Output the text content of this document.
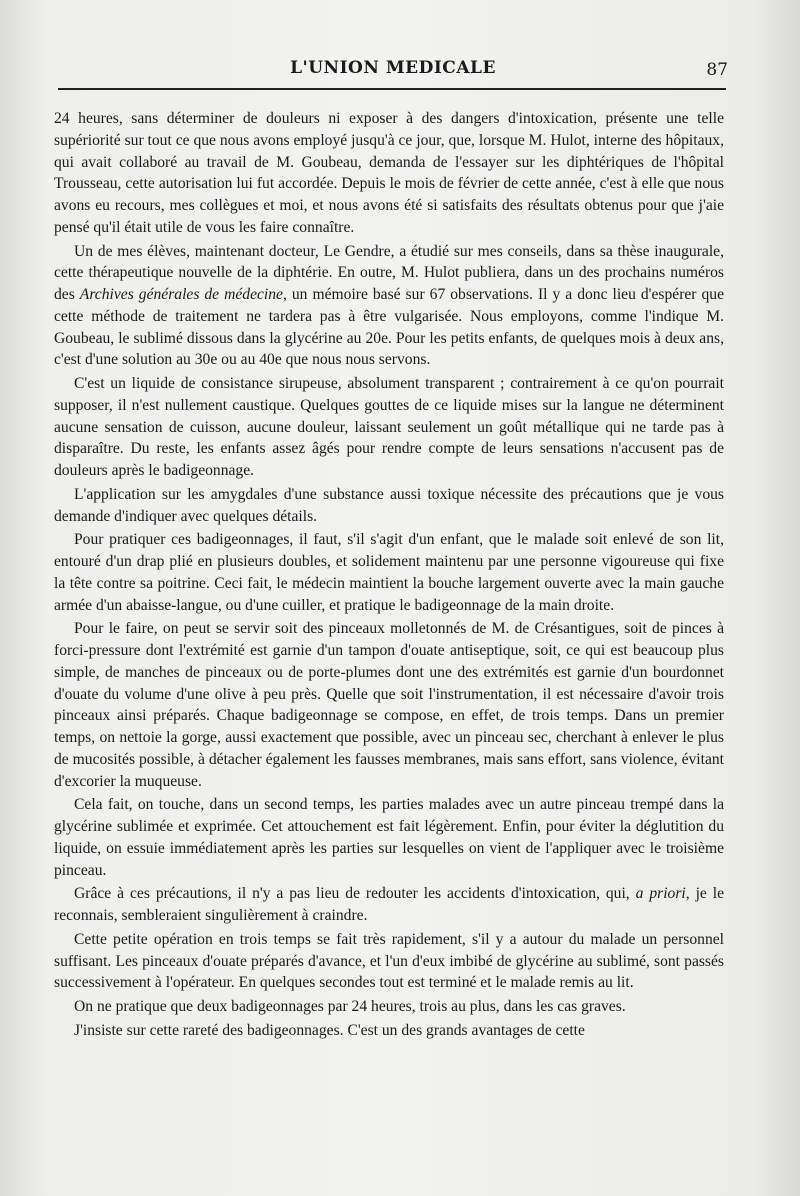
L'UNION MEDICALE	87

24 heures, sans déterminer de douleurs ni exposer à des dangers d'intoxication, présente une telle supériorité sur tout ce que nous avons employé jusqu'à ce jour, que, lorsque M. Hulot, interne des hôpitaux, qui avait collaboré au travail de M. Goubeau, demanda de l'essayer sur les diphtériques de l'hôpital Trousseau, cette autorisation lui fut accordée. Depuis le mois de février de cette année, c'est à elle que nous avons eu recours, mes collègues et moi, et nous avons été si satisfaits des résultats obtenus pour que j'aie pensé qu'il était utile de vous les faire connaître.

Un de mes élèves, maintenant docteur, Le Gendre, a étudié sur mes conseils, dans sa thèse inaugurale, cette thérapeutique nouvelle de la diphtérie. En outre, M. Hulot publiera, dans un des prochains numéros des Archives générales de médecine, un mémoire basé sur 67 observations. Il y a donc lieu d'espérer que cette méthode de traitement ne tardera pas à être vulgarisée. Nous employons, comme l'indique M. Goubeau, le sublimé dissous dans la glycérine au 20e. Pour les petits enfants, de quelques mois à deux ans, c'est d'une solution au 30e ou au 40e que nous nous servons.

C'est un liquide de consistance sirupeuse, absolument transparent ; contrairement à ce qu'on pourrait supposer, il n'est nullement caustique. Quelques gouttes de ce liquide mises sur la langue ne déterminent aucune sensation de cuisson, aucune douleur, laissant seulement un goût métallique qui ne tarde pas à disparaître. Du reste, les enfants assez âgés pour rendre compte de leurs sensations n'accusent pas de douleurs après le badigeonnage.

L'application sur les amygdales d'une substance aussi toxique nécessite des précautions que je vous demande d'indiquer avec quelques détails.

Pour pratiquer ces badigeonnages, il faut, s'il s'agit d'un enfant, que le malade soit enlevé de son lit, entouré d'un drap plié en plusieurs doubles, et solidement maintenu par une personne vigoureuse qui fixe la tête contre sa poitrine. Ceci fait, le médecin maintient la bouche largement ouverte avec la main gauche armée d'un abaisse-langue, ou d'une cuiller, et pratique le badigeonnage de la main droite.

Pour le faire, on peut se servir soit des pinceaux molletonnés de M. de Crésantigues, soit de pinces à forci-pressure dont l'extrémité est garnie d'un tampon d'ouate antiseptique, soit, ce qui est beaucoup plus simple, de manches de pinceaux ou de porte-plumes dont une des extrémités est garnie d'un bourdonnet d'ouate du volume d'une olive à peu près. Quelle que soit l'instrumentation, il est nécessaire d'avoir trois pinceaux ainsi préparés. Chaque badigeonnage se compose, en effet, de trois temps. Dans un premier temps, on nettoie la gorge, aussi exactement que possible, avec un pinceau sec, cherchant à enlever le plus de mucosités possible, à détacher également les fausses membranes, mais sans effort, sans violence, évitant d'excorier la muqueuse.

Cela fait, on touche, dans un second temps, les parties malades avec un autre pinceau trempé dans la glycérine sublimée et exprimée. Cet attouchement est fait légèrement. Enfin, pour éviter la déglutition du liquide, on essuie immédiatement après les parties sur lesquelles on vient de l'appliquer avec le troisième pinceau.

Grâce à ces précautions, il n'y a pas lieu de redouter les accidents d'intoxication, qui, a priori, je le reconnais, sembleraient singulièrement à craindre.

Cette petite opération en trois temps se fait très rapidement, s'il y a autour du malade un personnel suffisant. Les pinceaux d'ouate préparés d'avance, et l'un d'eux imbibé de glycérine au sublimé, sont passés successivement à l'opérateur. En quelques secondes tout est terminé et le malade remis au lit.

On ne pratique que deux badigeonnages par 24 heures, trois au plus, dans les cas graves.

J'insiste sur cette rareté des badigeonnages. C'est un des grands avantages de cette
